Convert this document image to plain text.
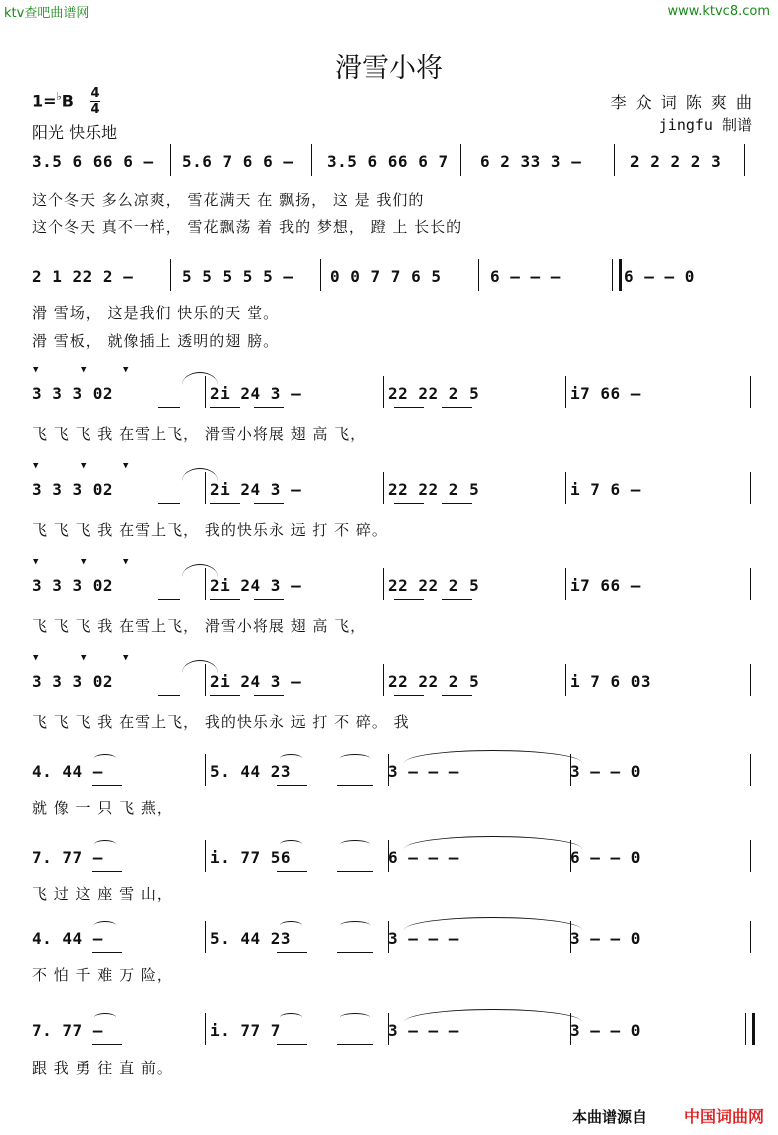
ktv查吧曲谱网	www.ktvc8.com
滑雪小将
1=♭B 4
4
阳光 快乐地
李 众 词 陈 爽 曲
jingfu 制谱
3.5 6 66 6 – 5.6 7 6 6 – 3.5 6 66 6 7 6 2 33 3 –	2 2 2 2 3
这个冬天 多么凉爽， 雪花满天 在 飘扬， 这 是 我们的
这个冬天 真不一样， 雪花飘荡 着 我的 梦想， 蹬 上 长长的
2 1 22 2 –	5 5 5 5 5 – 0 0 7 7 6 5	6 – – –	6 – – 0
滑 雪场， 这是我们 快乐的天 堂。
滑 雪板， 就像插上 透明的翅 膀。
3 3 3 02	2i 24 3 –	22 22 2 5	i7 66 –
▼	▼	▼
飞 飞 飞 我 在雪上飞， 滑雪小将展 翅 高 飞，
3 3 3 02	2i 24 3 –	22 22 2 5	i 7 6 –
▼	▼	▼
飞 飞 飞 我 在雪上飞， 我的快乐永 远 打 不 碎。
3 3 3 02	2i 24 3 –	22 22 2 5	i7 66 –
▼	▼	▼
飞 飞 飞 我 在雪上飞， 滑雪小将展 翅 高 飞，
3 3 3 02	2i 24 3 –	22 22 2 5	i 7 6 03
▼	▼	▼
飞 飞 飞 我 在雪上飞， 我的快乐永 远 打 不 碎。 我
4. 44 –	5. 44 23	3 – – –	3 – – 0
就 像 一 只 飞 燕，
7. 77 –	i. 77 56	6 – – –	6 – – 0
飞 过 这 座 雪 山，
4. 44 –	5. 44 23	3 – – –	3 – – 0
不 怕 千 难 万 险，
7. 77 –	i. 77 7	3 – – –	3 – – 0
跟 我 勇 往 直 前。
本曲谱源自 中国词曲网
